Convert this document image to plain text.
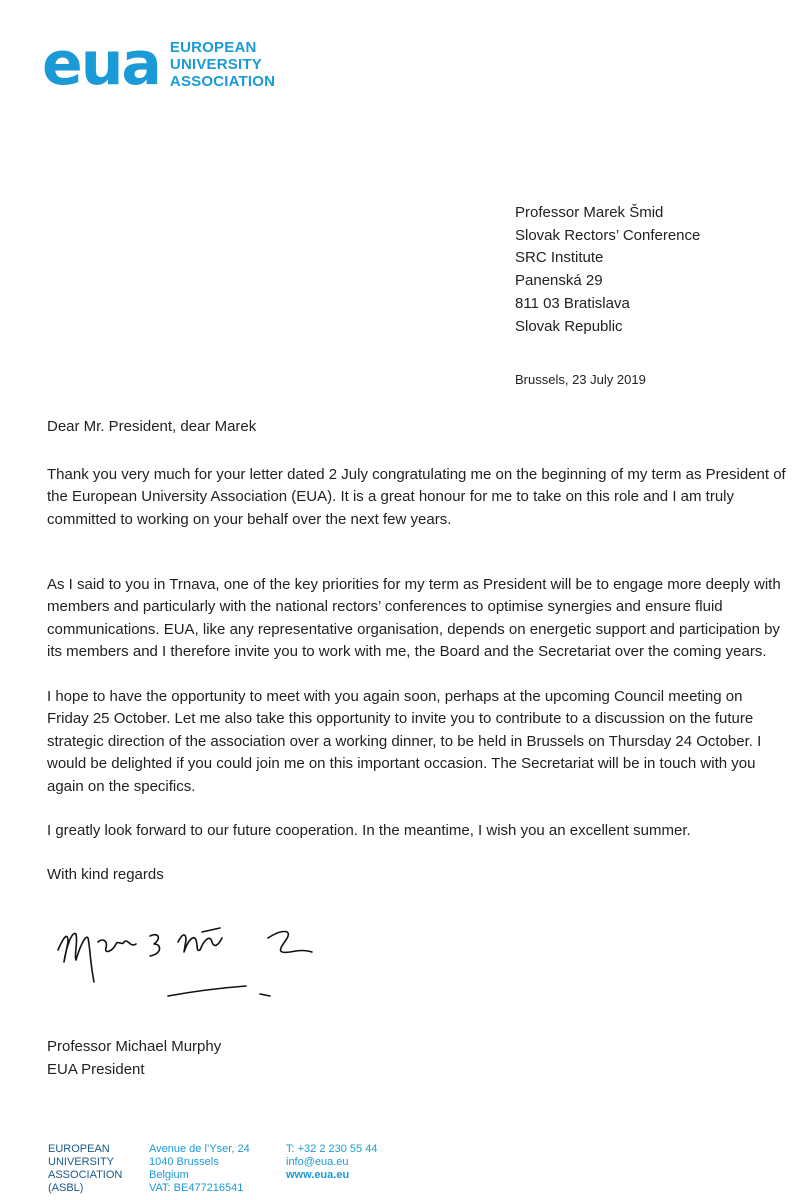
eua EUROPEAN
UNIVERSITY
ASSOCIATION
Professor Marek Šmid
Slovak Rectors’ Conference
SRC Institute
Panenská 29
811 03 Bratislava
Slovak Republic
Brussels, 23 July 2019
Dear Mr. President, dear Marek

Thank you very much for your letter dated 2 July congratulating me on the beginning of my term as President of the European University Association (EUA). It is a great honour for me to take on this role and I am truly committed to working on your behalf over the next few years.

As I said to you in Trnava, one of the key priorities for my term as President will be to engage more deeply with members and particularly with the national rectors’ conferences to optimise synergies and ensure fluid communications. EUA, like any representative organisation, depends on energetic support and participation by its members and I therefore invite you to work with me, the Board and the Secretariat over the coming years.

I hope to have the opportunity to meet with you again soon, perhaps at the upcoming Council meeting on Friday 25 October. Let me also take this opportunity to invite you to contribute to a discussion on the future strategic direction of the association over a working dinner, to be held in Brussels on Thursday 24 October. I would be delighted if you could join me on this important occasion. The Secretariat will be in touch with you again on the specifics.

I greatly look forward to our future cooperation. In the meantime, I wish you an excellent summer.

With kind regards
Professor Michael Murphy
EUA President
EUROPEAN
UNIVERSITY
ASSOCIATION
(ASBL)
Avenue de l’Yser, 24
1040 Brussels
Belgium
VAT: BE477216541
T: +32 2 230 55 44
info@eua.eu
www.eua.eu
